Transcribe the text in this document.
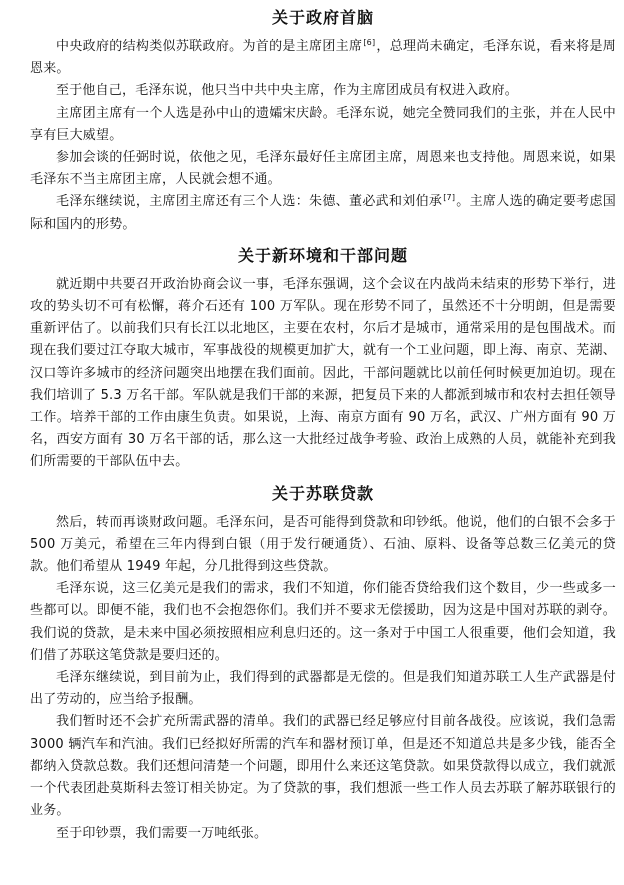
关于政府首脑

中央政府的结构类似苏联政府。为首的是主席团主席[6]，总理尚未确定，毛泽东说，看来将是周恩来。

至于他自己，毛泽东说，他只当中共中央主席，作为主席团成员有权进入政府。

主席团主席有一个人选是孙中山的遗孀宋庆龄。毛泽东说，她完全赞同我们的主张，并在人民中享有巨大威望。

参加会谈的任弼时说，依他之见，毛泽东最好任主席团主席，周恩来也支持他。周恩来说，如果毛泽东不当主席团主席，人民就会想不通。

毛泽东继续说，主席团主席还有三个人选：朱德、董必武和刘伯承[7]。主席人选的确定要考虑国际和国内的形势。

关于新环境和干部问题

就近期中共要召开政治协商会议一事，毛泽东强调，这个会议在内战尚未结束的形势下举行，进攻的势头切不可有松懈，蒋介石还有 100 万军队。现在形势不同了，虽然还不十分明朗，但是需要重新评估了。以前我们只有长江以北地区，主要在农村，尔后才是城市，通常采用的是包围战术。而现在我们要过江夺取大城市，军事战役的规模更加扩大，就有一个工业问题，即上海、南京、芜湖、汉口等许多城市的经济问题突出地摆在我们面前。因此，干部问题就比以前任何时候更加迫切。现在我们培训了 5.3 万名干部。军队就是我们干部的来源，把复员下来的人都派到城市和农村去担任领导工作。培养干部的工作由康生负责。如果说，上海、南京方面有 90 万名，武汉、广州方面有 90 万名，西安方面有 30 万名干部的话，那么这一大批经过战争考验、政治上成熟的人员，就能补充到我们所需要的干部队伍中去。

关于苏联贷款

然后，转而再谈财政问题。毛泽东问，是否可能得到贷款和印钞纸。他说，他们的白银不会多于 500 万美元，希望在三年内得到白银（用于发行硬通货）、石油、原料、设备等总数三亿美元的贷款。他们希望从 1949 年起，分几批得到这些贷款。

毛泽东说，这三亿美元是我们的需求，我们不知道，你们能否贷给我们这个数目，少一些或多一些都可以。即便不能，我们也不会抱怨你们。我们并不要求无偿援助，因为这是中国对苏联的剥夺。我们说的贷款，是未来中国必须按照相应利息归还的。这一条对于中国工人很重要，他们会知道，我们借了苏联这笔贷款是要归还的。

毛泽东继续说，到目前为止，我们得到的武器都是无偿的。但是我们知道苏联工人生产武器是付出了劳动的，应当给予报酬。

我们暂时还不会扩充所需武器的清单。我们的武器已经足够应付目前各战役。应该说，我们急需 3000 辆汽车和汽油。我们已经拟好所需的汽车和器材预订单，但是还不知道总共是多少钱，能否全都纳入贷款总数。我们还想问清楚一个问题，即用什么来还这笔贷款。如果贷款得以成立，我们就派一个代表团赴莫斯科去签订相关协定。为了贷款的事，我们想派一些工作人员去苏联了解苏联银行的业务。

至于印钞票，我们需要一万吨纸张。
